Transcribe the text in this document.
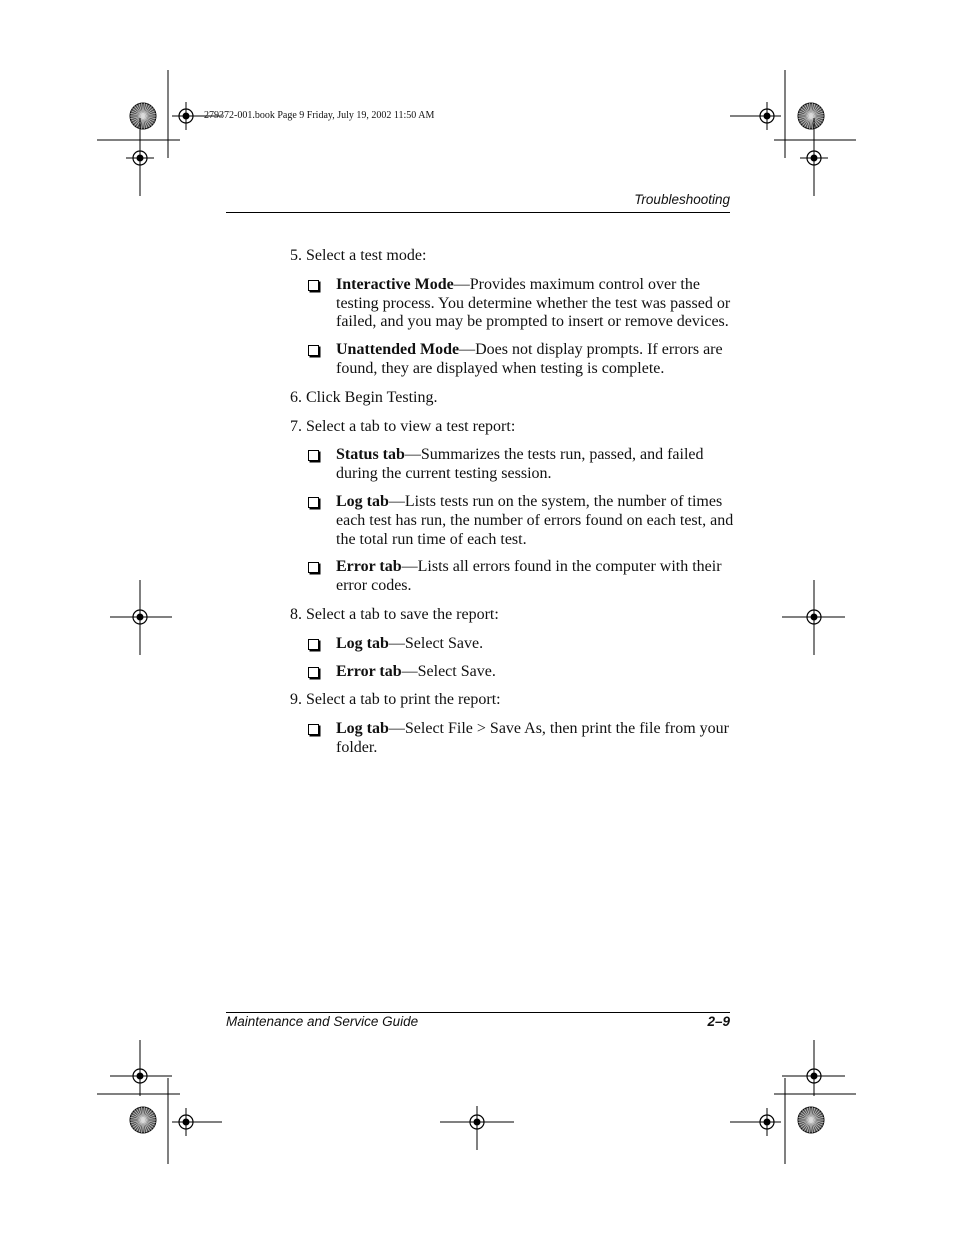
279372-001.book Page 9 Friday, July 19, 2002 11:50 AM
Troubleshooting
5. Select a test mode:
Interactive Mode—Provides maximum control over the testing process. You determine whether the test was passed or failed, and you may be prompted to insert or remove devices.
Unattended Mode—Does not display prompts. If errors are found, they are displayed when testing is complete.
6. Click Begin Testing.
7. Select a tab to view a test report:
Status tab—Summarizes the tests run, passed, and failed during the current testing session.
Log tab—Lists tests run on the system, the number of times each test has run, the number of errors found on each test, and the total run time of each test.
Error tab—Lists all errors found in the computer with their error codes.
8. Select a tab to save the report:
Log tab—Select Save.
Error tab—Select Save.
9. Select a tab to print the report:
Log tab—Select File > Save As, then print the file from your folder.
Maintenance and Service Guide	2–9
